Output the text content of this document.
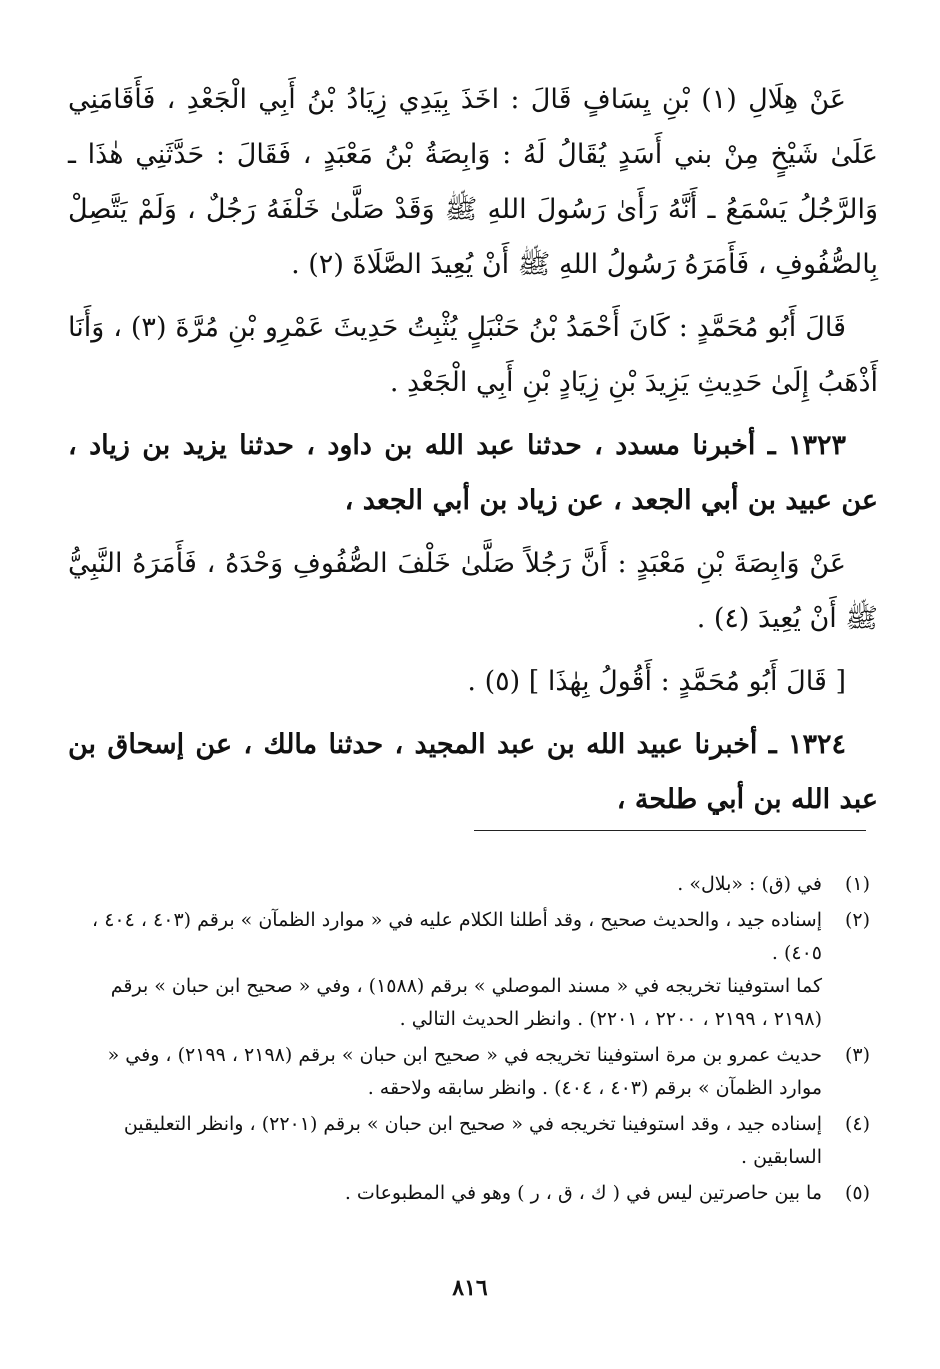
عَنْ هِلَالِ (١) بْنِ يِسَافٍ قَالَ : اخَذَ بِيَدِي زِيَادُ بْنُ أَبِي الْجَعْدِ ، فَأَقَامَنِي عَلَىٰ شَيْخٍ مِنْ بني أَسَدٍ يُقَالُ لَهُ : وَابِصَةُ بْنُ مَعْبَدٍ ، فَقَالَ : حَدَّثَنِي هٰذَا ـ وَالرَّجُلُ يَسْمَعُ ـ أَنَّهُ رَأَىٰ رَسُولَ اللهِ ﷺ وَقَدْ صَلَّىٰ خَلْفَهُ رَجُلٌ ، وَلَمْ يَتَّصِلْ بِالصُّفُوفِ ، فَأَمَرَهُ رَسُولُ اللهِ ﷺ أَنْ يُعِيدَ الصَّلَاةَ (٢) .

قَالَ أَبُو مُحَمَّدٍ : كَانَ أَحْمَدُ بْنُ حَنْبَلٍ يُثْبِتُ حَدِيثَ عَمْرِو بْنِ مُرَّةَ (٣) ، وَأَنَا أَذْهَبُ إِلَىٰ حَدِيثِ يَزِيدَ بْنِ زِيَادٍ بْنِ أَبِي الْجَعْدِ .

١٣٢٣ ـ أخبرنا مسدد ، حدثنا عبد الله بن داود ، حدثنا يزيد بن زياد ، عن عبيد بن أبي الجعد ، عن زياد بن أبي الجعد ،

عَنْ وَابِصَةَ بْنِ مَعْبَدٍ : أَنَّ رَجُلاً صَلَّىٰ خَلْفَ الصُّفُوفِ وَحْدَهُ ، فَأَمَرَهُ النَّبِيُّ ﷺ أَنْ يُعِيدَ (٤) .

[ قَالَ أَبُو مُحَمَّدٍ : أَقُولُ بِهٰذَا ] (٥) .

١٣٢٤ ـ أخبرنا عبيد الله بن عبد المجيد ، حدثنا مالك ، عن إسحاق بن عبد الله بن أبي طلحة ،

(١)

في (ق) : «بلال» .

(٢)

إسناده جيد ، والحديث صحيح ، وقد أطلنا الكلام عليه في « موارد الظمآن » برقم (٤٠٣ ، ٤٠٤ ، ٤٠٥) .

كما استوفينا تخريجه في « مسند الموصلي » برقم (١٥٨٨) ، وفي « صحيح ابن حبان » برقم (٢١٩٨ ، ٢١٩٩ ، ٢٢٠٠ ، ٢٢٠١) . وانظر الحديث التالي .

(٣)

حديث عمرو بن مرة استوفينا تخريجه في « صحيح ابن حبان » برقم (٢١٩٨ ، ٢١٩٩) ، وفي « موارد الظمآن » برقم (٤٠٣ ، ٤٠٤) . وانظر سابقه ولاحقه .

(٤)

إسناده جيد ، وقد استوفينا تخريجه في « صحيح ابن حبان » برقم (٢٢٠١) ، وانظر التعليقين السابقين .

(٥)

ما بين حاصرتين ليس في ( ك ، ق ، ر ) وهو في المطبوعات .

٨١٦
